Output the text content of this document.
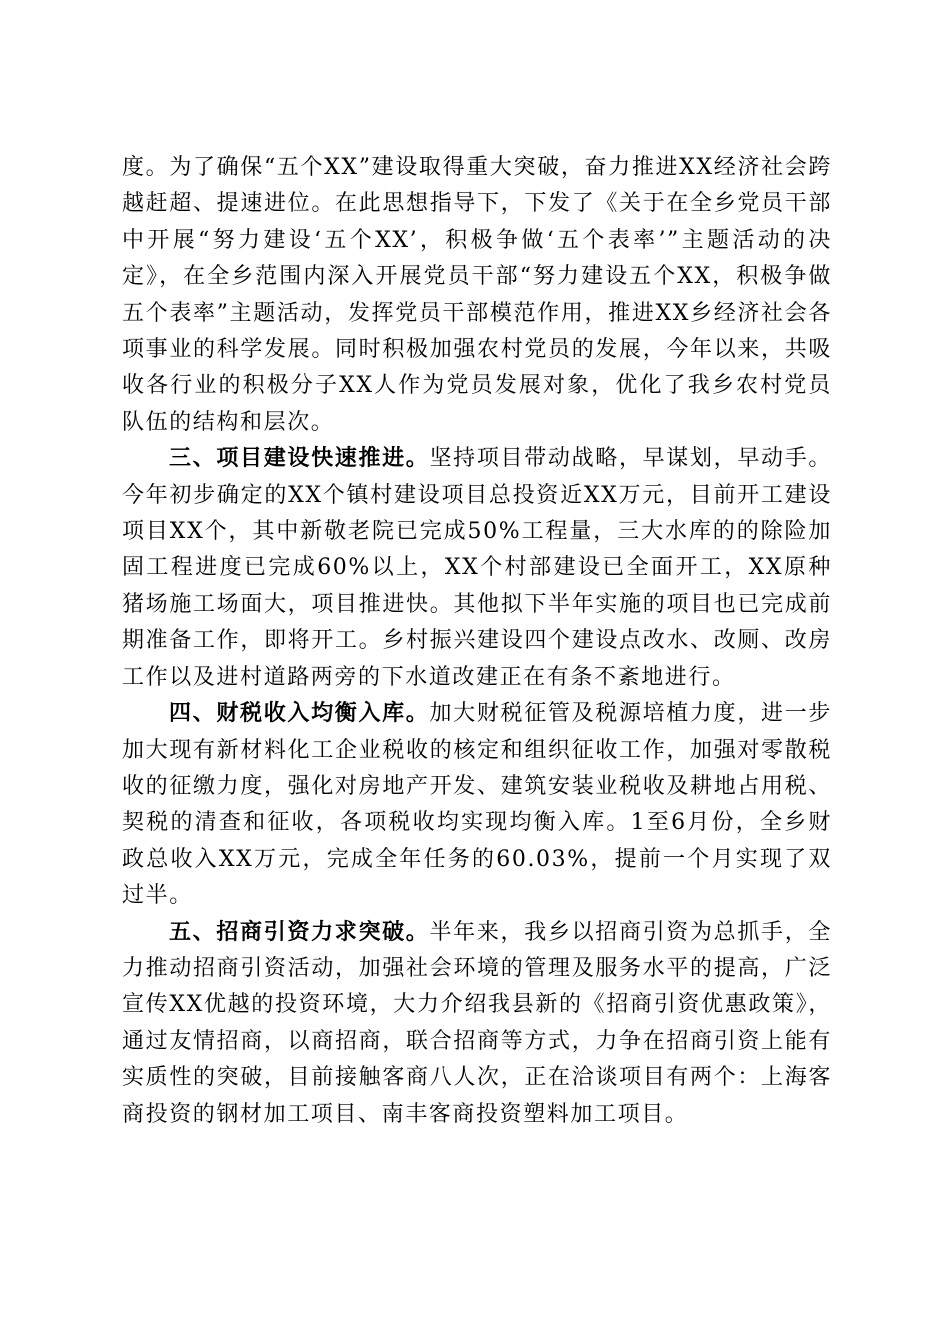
度。为了确保“五个XX”建设取得重大突破，奋力推进XX经济社会跨越赶超、提速进位。在此思想指导下，下发了《关于在全乡党员干部中开展“努力建设‘五个XX’，积极争做‘五个表率’”主题活动的决定》，在全乡范围内深入开展党员干部“努力建设五个XX，积极争做五个表率”主题活动，发挥党员干部模范作用，推进XX乡经济社会各项事业的科学发展。同时积极加强农村党员的发展，今年以来，共吸收各行业的积极分子XX人作为党员发展对象，优化了我乡农村党员队伍的结构和层次。

三、项目建设快速推进。坚持项目带动战略，早谋划，早动手。今年初步确定的XX个镇村建设项目总投资近XX万元，目前开工建设项目XX个，其中新敬老院已完成50%工程量，三大水库的的除险加固工程进度已完成60%以上，XX个村部建设已全面开工，XX原种猪场施工场面大，项目推进快。其他拟下半年实施的项目也已完成前期准备工作，即将开工。乡村振兴建设四个建设点改水、改厕、改房工作以及进村道路两旁的下水道改建正在有条不紊地进行。

四、财税收入均衡入库。加大财税征管及税源培植力度，进一步加大现有新材料化工企业税收的核定和组织征收工作，加强对零散税收的征缴力度，强化对房地产开发、建筑安装业税收及耕地占用税、契税的清查和征收，各项税收均实现均衡入库。1至6月份，全乡财政总收入XX万元，完成全年任务的60.03%，提前一个月实现了双过半。

五、招商引资力求突破。半年来，我乡以招商引资为总抓手，全力推动招商引资活动，加强社会环境的管理及服务水平的提高，广泛宣传XX优越的投资环境，大力介绍我县新的《招商引资优惠政策》，通过友情招商，以商招商，联合招商等方式，力争在招商引资上能有实质性的突破，目前接触客商八人次，正在洽谈项目有两个：上海客商投资的钢材加工项目、南丰客商投资塑料加工项目。
